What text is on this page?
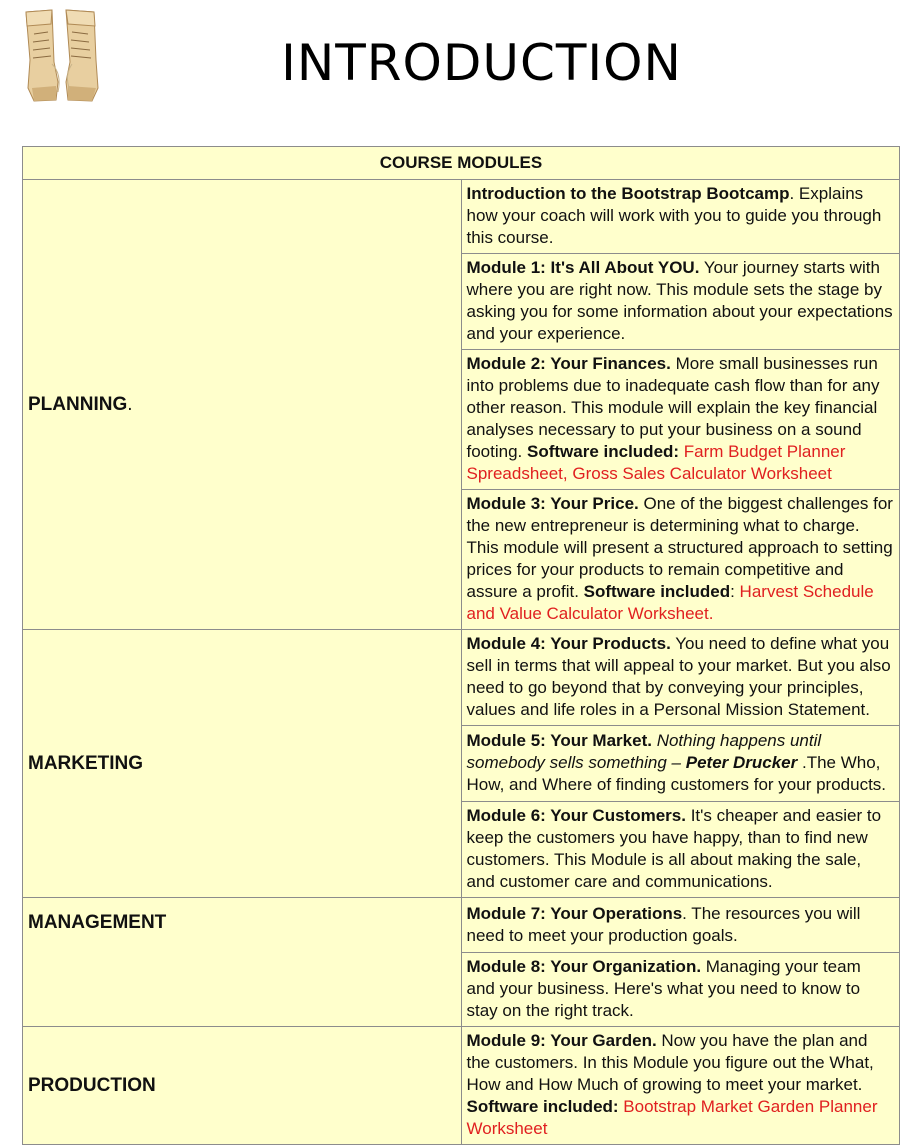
INTRODUCTION
COURSE MODULES	
PLANNING.	Introduction to the Bootstrap Bootcamp. Explains how your coach will work with you to guide you through this course.
	Module 1: It's All About YOU. Your journey starts with where you are right now. This module sets the stage by asking you for some information about your expectations and your experience.
	Module 2: Your Finances. More small businesses run into problems due to inadequate cash flow than for any other reason. This module will explain the key financial analyses necessary to put your business on a sound footing. Software included: Farm Budget Planner Spreadsheet, Gross Sales Calculator Worksheet
	Module 3: Your Price. One of the biggest challenges for the new entrepreneur is determining what to charge. This module will present a structured approach to setting prices for your products to remain competitive and assure a profit. Software included: Harvest Schedule and Value Calculator Worksheet.
MARKETING	Module 4: Your Products. You need to define what you sell in terms that will appeal to your market. But you also need to go beyond that by conveying your principles, values and life roles in a Personal Mission Statement.
	Module 5: Your Market. Nothing happens until somebody sells something – Peter Drucker .The Who, How, and Where of finding customers for your products.
	Module 6: Your Customers. It's cheaper and easier to keep the customers you have happy, than to find new customers. This Module is all about making the sale, and customer care and communications.
MANAGEMENT	Module 7: Your Operations. The resources you will need to meet your production goals.
	Module 8: Your Organization. Managing your team and your business. Here's what you need to know to stay on the right track.
PRODUCTION	Module 9: Your Garden. Now you have the plan and the customers. In this Module you figure out the What, How and How Much of growing to meet your market. Software included: Bootstrap Market Garden Planner Worksheet
